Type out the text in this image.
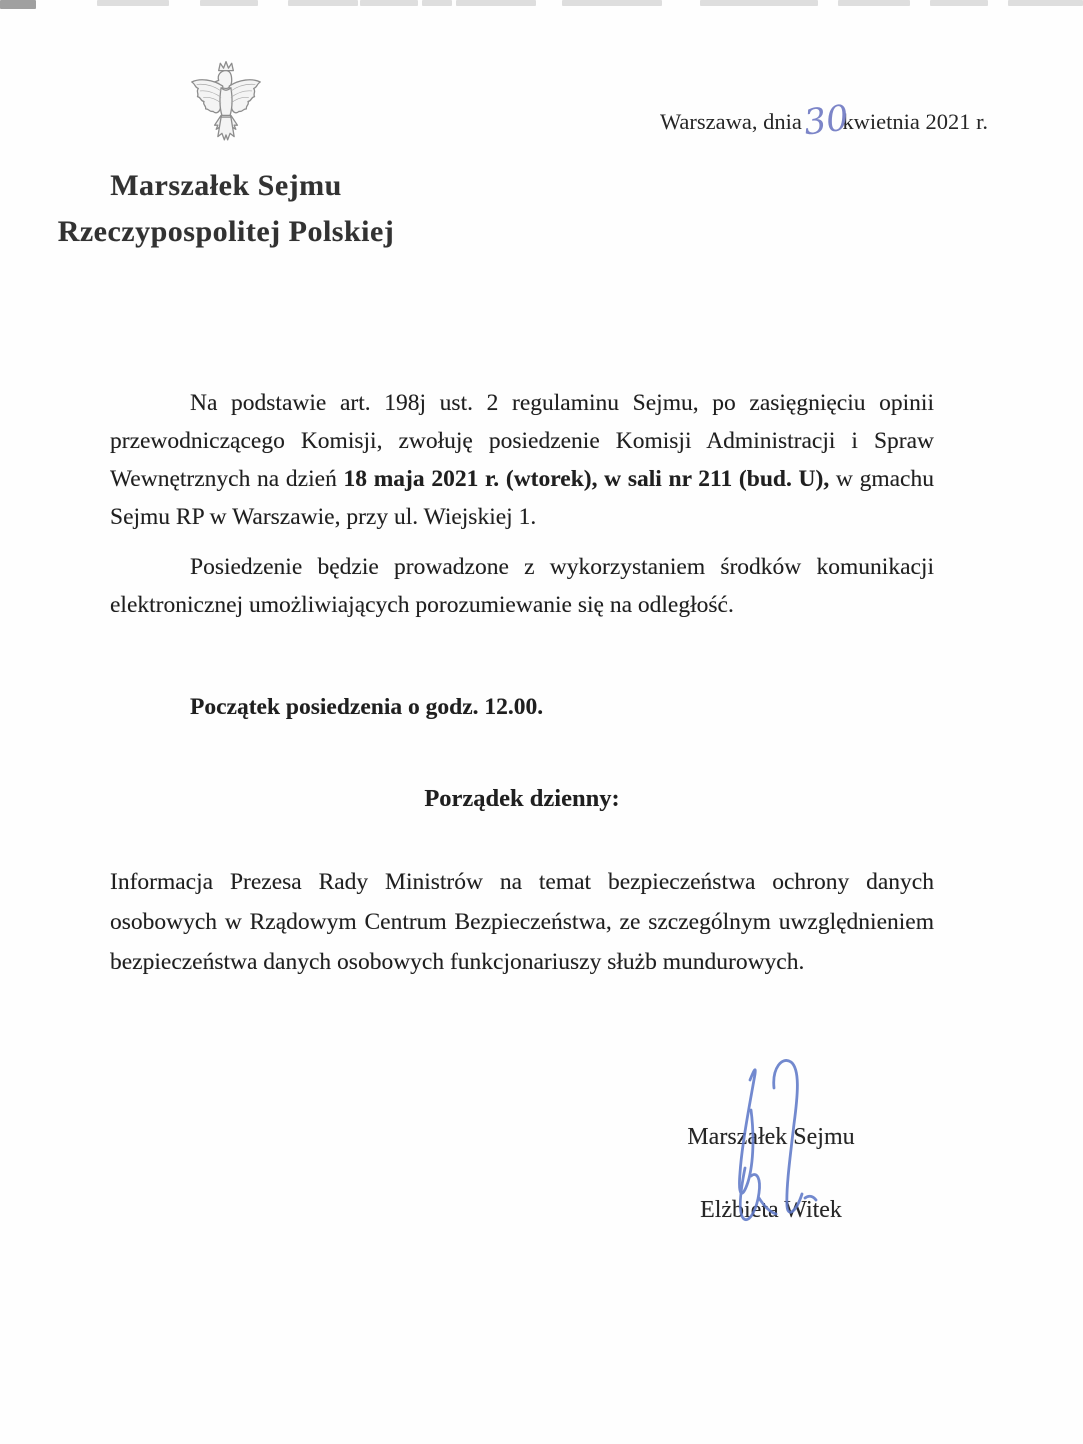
Marszałek Sejmu
Rzeczypospolitej Polskiej
Warszawa, dnia30kwietnia 2021 r.

Na podstawie art. 198j ust. 2 regulaminu Sejmu, po zasięgnięciu opinii przewodniczącego Komisji, zwołuję posiedzenie Komisji Administracji i Spraw Wewnętrznych na dzień 18 maja 2021 r. (wtorek), w sali nr 211 (bud. U), w gmachu Sejmu RP w Warszawie, przy ul. Wiejskiej 1.

Posiedzenie będzie prowadzone z wykorzystaniem środków komunikacji elektronicznej umożliwiających porozumiewanie się na odległość.

Początek posiedzenia o godz. 12.00.

Porządek dzienny:

Informacja Prezesa Rady Ministrów na temat bezpieczeństwa ochrony danych osobowych w Rządowym Centrum Bezpieczeństwa, ze szczególnym uwzględnieniem bezpieczeństwa danych osobowych funkcjonariuszy służb mundurowych.

Marszałek Sejmu
Elżbieta Witek
